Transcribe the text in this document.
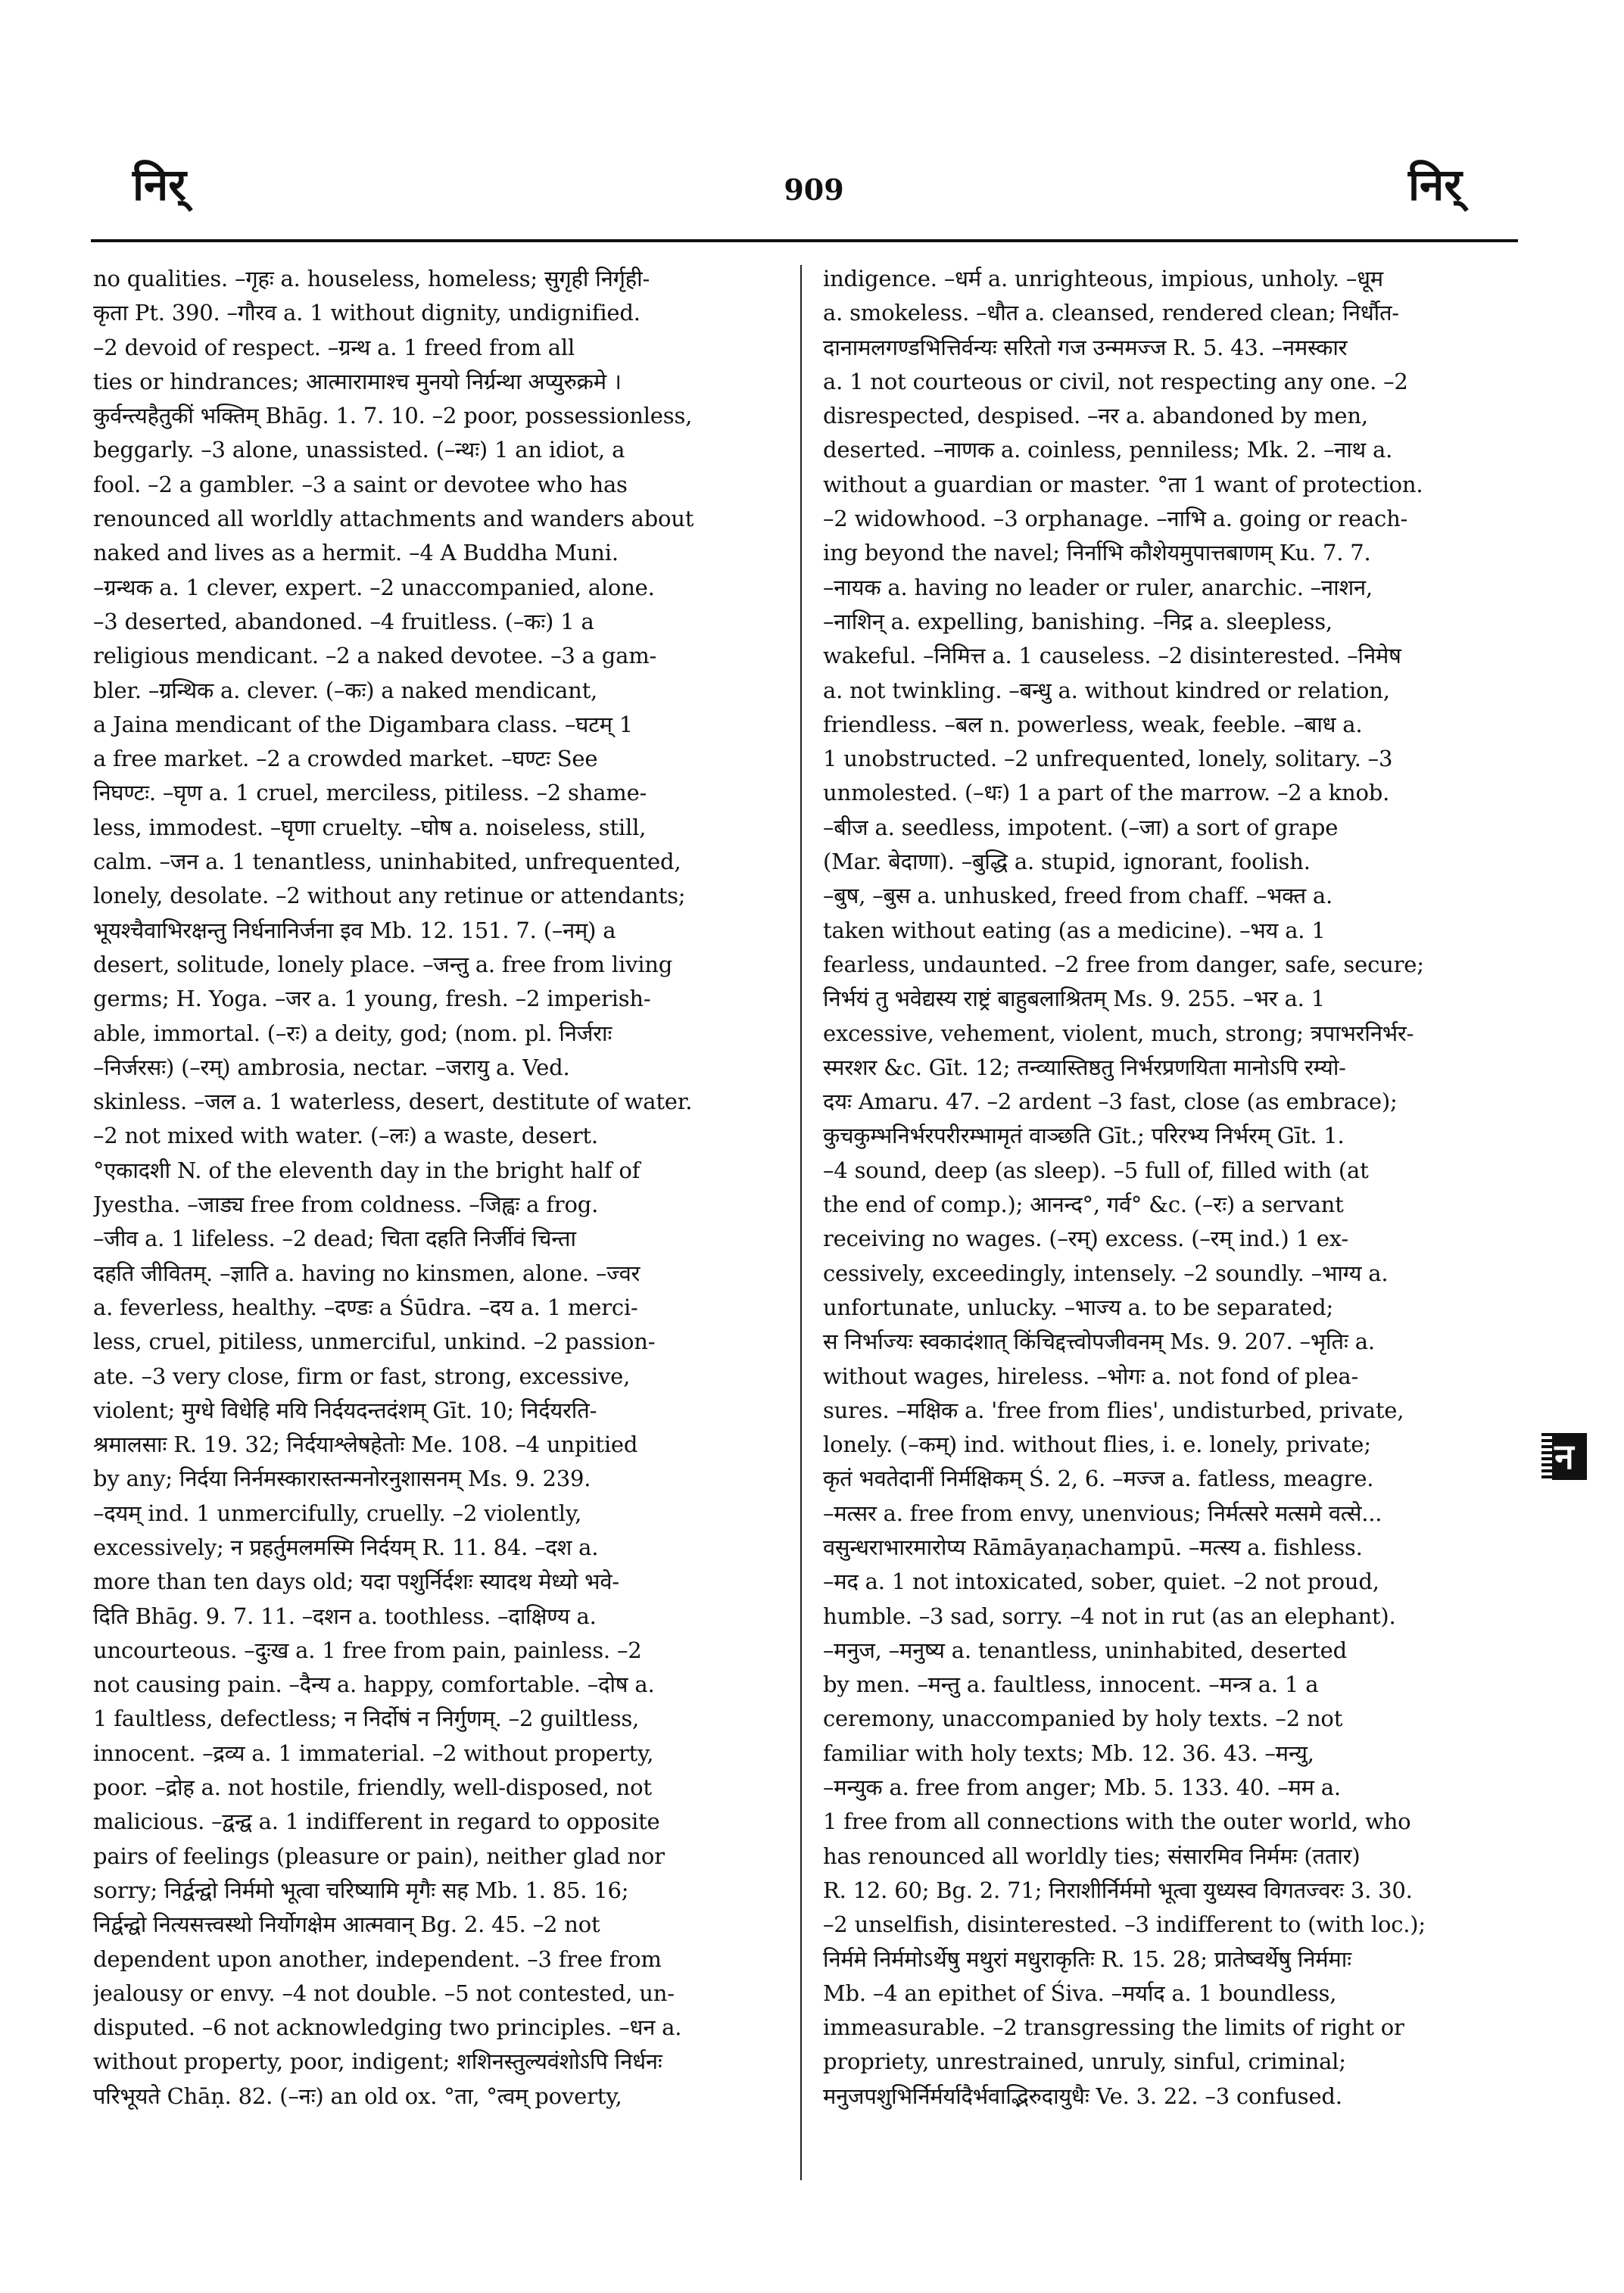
निर्	909	निर्
no qualities. –गृहः a. houseless, homeless; सुगृही निर्गृही-
कृता Pt. 390. –गौरव a. 1 without dignity, undignified.
–2 devoid of respect. –ग्रन्थ a. 1 freed from all
ties or hindrances; आत्मारामाश्च मुनयो निर्ग्रन्था अप्युरुक्रमे ।
कुर्वन्त्यहैतुकीं भक्तिम् Bhāg. 1. 7. 10. –2 poor, possessionless,
beggarly. –3 alone, unassisted. (–न्थः) 1 an idiot, a
fool. –2 a gambler. –3 a saint or devotee who has
renounced all worldly attachments and wanders about
naked and lives as a hermit. –4 A Buddha Muni.
–ग्रन्थक a. 1 clever, expert. –2 unaccompanied, alone.
–3 deserted, abandoned. –4 fruitless. (–कः) 1 a
religious mendicant. –2 a naked devotee. –3 a gam-
bler. –ग्रन्थिक a. clever. (–कः) a naked mendicant,
a Jaina mendicant of the Digambara class. –घटम् 1
a free market. –2 a crowded market. –घण्टः See
निघण्टः. –घृण a. 1 cruel, merciless, pitiless. –2 shame-
less, immodest. –घृणा cruelty. –घोष a. noiseless, still,
calm. –जन a. 1 tenantless, uninhabited, unfrequented,
lonely, desolate. –2 without any retinue or attendants;
भूयश्चैवाभिरक्षन्तु निर्धनानिर्जना इव Mb. 12. 151. 7. (–नम्) a
desert, solitude, lonely place. –जन्तु a. free from living
germs; H. Yoga. –जर a. 1 young, fresh. –2 imperish-
able, immortal. (–रः) a deity, god; (nom. pl. निर्जराः
–निर्जरसः) (–रम्) ambrosia, nectar. –जरायु a. Ved.
skinless. –जल a. 1 waterless, desert, destitute of water.
–2 not mixed with water. (–लः) a waste, desert.
°एकादशी N. of the eleventh day in the bright half of
Jyestha. –जाड्य free from coldness. –जिह्वः a frog.
–जीव a. 1 lifeless. –2 dead; चिता दहति निर्जीवं चिन्ता
दहति जीवितम्. –ज्ञाति a. having no kinsmen, alone. –ज्वर
a. feverless, healthy. –दण्डः a Śūdra. –दय a. 1 merci-
less, cruel, pitiless, unmerciful, unkind. –2 passion-
ate. –3 very close, firm or fast, strong, excessive,
violent; मुग्धे विधेहि मयि निर्दयदन्तदंशम् Gīt. 10; निर्दयरति-
श्रमालसाः R. 19. 32; निर्दयाश्लेषहेतोः Me. 108. –4 unpitied
by any; निर्दया निर्नमस्कारास्तन्मनोरनुशासनम् Ms. 9. 239.
–दयम् ind. 1 unmercifully, cruelly. –2 violently,
excessively; न प्रहर्तुमलमस्मि निर्दयम् R. 11. 84. –दश a.
more than ten days old; यदा पशुर्निर्दशः स्यादथ मेध्यो भवे-
दिति Bhāg. 9. 7. 11. –दशन a. toothless. –दाक्षिण्य a.
uncourteous. –दुःख a. 1 free from pain, painless. –2
not causing pain. –दैन्य a. happy, comfortable. –दोष a.
1 faultless, defectless; न निर्दोषं न निर्गुणम्. –2 guiltless,
innocent. –द्रव्य a. 1 immaterial. –2 without property,
poor. –द्रोह a. not hostile, friendly, well-disposed, not
malicious. –द्वन्द्व a. 1 indifferent in regard to opposite
pairs of feelings (pleasure or pain), neither glad nor
sorry; निर्द्वन्द्वो निर्ममो भूत्वा चरिष्यामि मृगैः सह Mb. 1. 85. 16;
निर्द्वन्द्वो नित्यसत्त्वस्थो निर्योगक्षेम आत्मवान् Bg. 2. 45. –2 not
dependent upon another, independent. –3 free from
jealousy or envy. –4 not double. –5 not contested, un-
disputed. –6 not acknowledging two principles. –धन a.
without property, poor, indigent; शशिनस्तुल्यवंशोऽपि निर्धनः
परिभूयते Chāṇ. 82. (–नः) an old ox. °ता, °त्वम् poverty,
indigence. –धर्म a. unrighteous, impious, unholy. –धूम
a. smokeless. –धौत a. cleansed, rendered clean; निर्धौत-
दानामलगण्डभित्तिर्वन्यः सरितो गज उन्ममज्ज R. 5. 43. –नमस्कार
a. 1 not courteous or civil, not respecting any one. –2
disrespected, despised. –नर a. abandoned by men,
deserted. –नाणक a. coinless, penniless; Mk. 2. –नाथ a.
without a guardian or master. °ता 1 want of protection.
–2 widowhood. –3 orphanage. –नाभि a. going or reach-
ing beyond the navel; निर्नाभि कौशेयमुपात्तबाणम् Ku. 7. 7.
–नायक a. having no leader or ruler, anarchic. –नाशन,
–नाशिन् a. expelling, banishing. –निद्र a. sleepless,
wakeful. –निमित्त a. 1 causeless. –2 disinterested. –निमेष
a. not twinkling. –बन्धु a. without kindred or relation,
friendless. –बल n. powerless, weak, feeble. –बाध a.
1 unobstructed. –2 unfrequented, lonely, solitary. –3
unmolested. (–धः) 1 a part of the marrow. –2 a knob.
–बीज a. seedless, impotent. (–जा) a sort of grape
(Mar. बेदाणा). –बुद्धि a. stupid, ignorant, foolish.
–बुष, –बुस a. unhusked, freed from chaff. –भक्त a.
taken without eating (as a medicine). –भय a. 1
fearless, undaunted. –2 free from danger, safe, secure;
निर्भयं तु भवेद्यस्य राष्ट्रं बाहुबलाश्रितम् Ms. 9. 255. –भर a. 1
excessive, vehement, violent, much, strong; त्रपाभरनिर्भर-
स्मरशर &c. Gīt. 12; तन्व्यास्तिष्ठतु निर्भरप्रणयिता मानोऽपि रम्यो-
दयः Amaru. 47. –2 ardent –3 fast, close (as embrace);
कुचकुम्भनिर्भरपरीरम्भामृतं वाञ्छति Gīt.; परिरभ्य निर्भरम् Gīt. 1.
–4 sound, deep (as sleep). –5 full of, filled with (at
the end of comp.); आनन्द°, गर्व° &c. (–रः) a servant
receiving no wages. (–रम्) excess. (–रम् ind.) 1 ex-
cessively, exceedingly, intensely. –2 soundly. –भाग्य a.
unfortunate, unlucky. –भाज्य a. to be separated;
स निर्भाज्यः स्वकादंशात् किंचिद्दत्त्वोपजीवनम् Ms. 9. 207. –भृतिः a.
without wages, hireless. –भोगः a. not fond of plea-
sures. –मक्षिक a. 'free from flies', undisturbed, private,
lonely. (–कम्) ind. without flies, i. e. lonely, private;
कृतं भवतेदानीं निर्मक्षिकम् Ś. 2, 6. –मज्ज a. fatless, meagre.
–मत्सर a. free from envy, unenvious; निर्मत्सरे मत्समे वत्से...
वसुन्धराभारमारोप्य Rāmāyaṇachampū. –मत्स्य a. fishless.
–मद a. 1 not intoxicated, sober, quiet. –2 not proud,
humble. –3 sad, sorry. –4 not in rut (as an elephant).
–मनुज, –मनुष्य a. tenantless, uninhabited, deserted
by men. –मन्तु a. faultless, innocent. –मन्त्र a. 1 a
ceremony, unaccompanied by holy texts. –2 not
familiar with holy texts; Mb. 12. 36. 43. –मन्यु,
–मन्युक a. free from anger; Mb. 5. 133. 40. –मम a.
1 free from all connections with the outer world, who
has renounced all worldly ties; संसारमिव निर्ममः (ततार)
R. 12. 60; Bg. 2. 71; निराशीर्निर्ममो भूत्वा युध्यस्व विगतज्वरः 3. 30.
–2 unselfish, disinterested. –3 indifferent to (with loc.);
निर्ममे निर्ममोऽर्थेषु मथुरां मधुराकृतिः R. 15. 28; प्रातेष्वर्थेषु निर्ममाः
Mb. –4 an epithet of Śiva. –मर्याद a. 1 boundless,
immeasurable. –2 transgressing the limits of right or
propriety, unrestrained, unruly, sinful, criminal;
मनुजपशुभिर्निर्मर्यादैर्भवाद्भिरुदायुधैः Ve. 3. 22. –3 confused.
न
